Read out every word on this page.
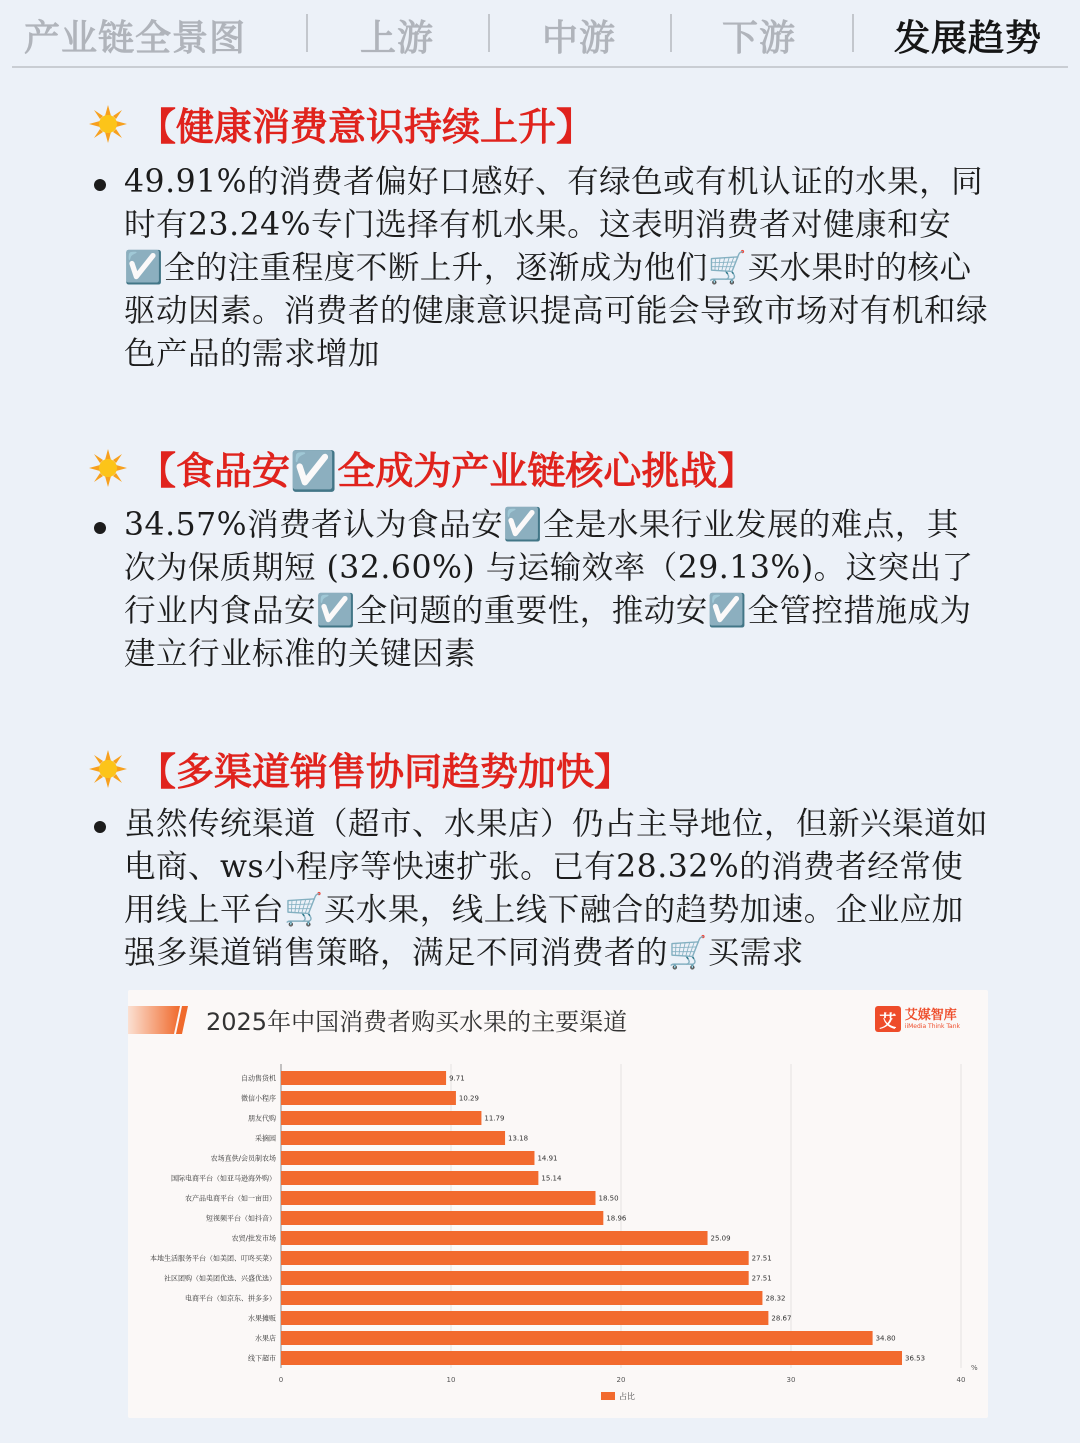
产业链全景图	上游	中游	下游	发展趋势
【健康消费意识持续上升】
49.91%的消费者偏好口感好、有绿色或有机认证的水果，同时有23.24%专门选择有机水果。这表明消费者对健康和安☑️全的注重程度不断上升，逐渐成为他们🛒买水果时的核心驱动因素。消费者的健康意识提高可能会导致市场对有机和绿色产品的需求增加
【食品安☑️全成为产业链核心挑战】
34.57%消费者认为食品安☑️全是水果行业发展的难点，其次为保质期短 (32.60%) 与运输效率（29.13%)。这突出了行业内食品安☑️全问题的重要性，推动安☑️全管控措施成为建立行业标准的关键因素
【多渠道销售协同趋势加快】
虽然传统渠道（超市、水果店）仍占主导地位，但新兴渠道如电商、ws小程序等快速扩张。已有28.32%的消费者经常使用线上平台🛒买水果，线上线下融合的趋势加速。企业应加强多渠道销售策略，满足不同消费者的🛒买需求
2025年中国消费者购买水果的主要渠道
0	10	20	30	40
%
自动售货机	9.71
微信小程序	10.29
朋友代购	11.79
采摘园	13.18
农场直供/会员制农场	14.91
国际电商平台（如亚马逊海外购）	15.14
农产品电商平台（如一亩田）	18.50
短视频平台（如抖音）	18.96
农贸/批发市场	25.09
本地生活服务平台（如美团、叮咚买菜）	27.51
社区团购（如美团优选、兴盛优选）	27.51
电商平台（如京东、拼多多）	28.32
水果摊贩	28.67
水果店	34.80
线下超市	36.53
占比
艾 艾媒智库
iiMedia Think Tank
